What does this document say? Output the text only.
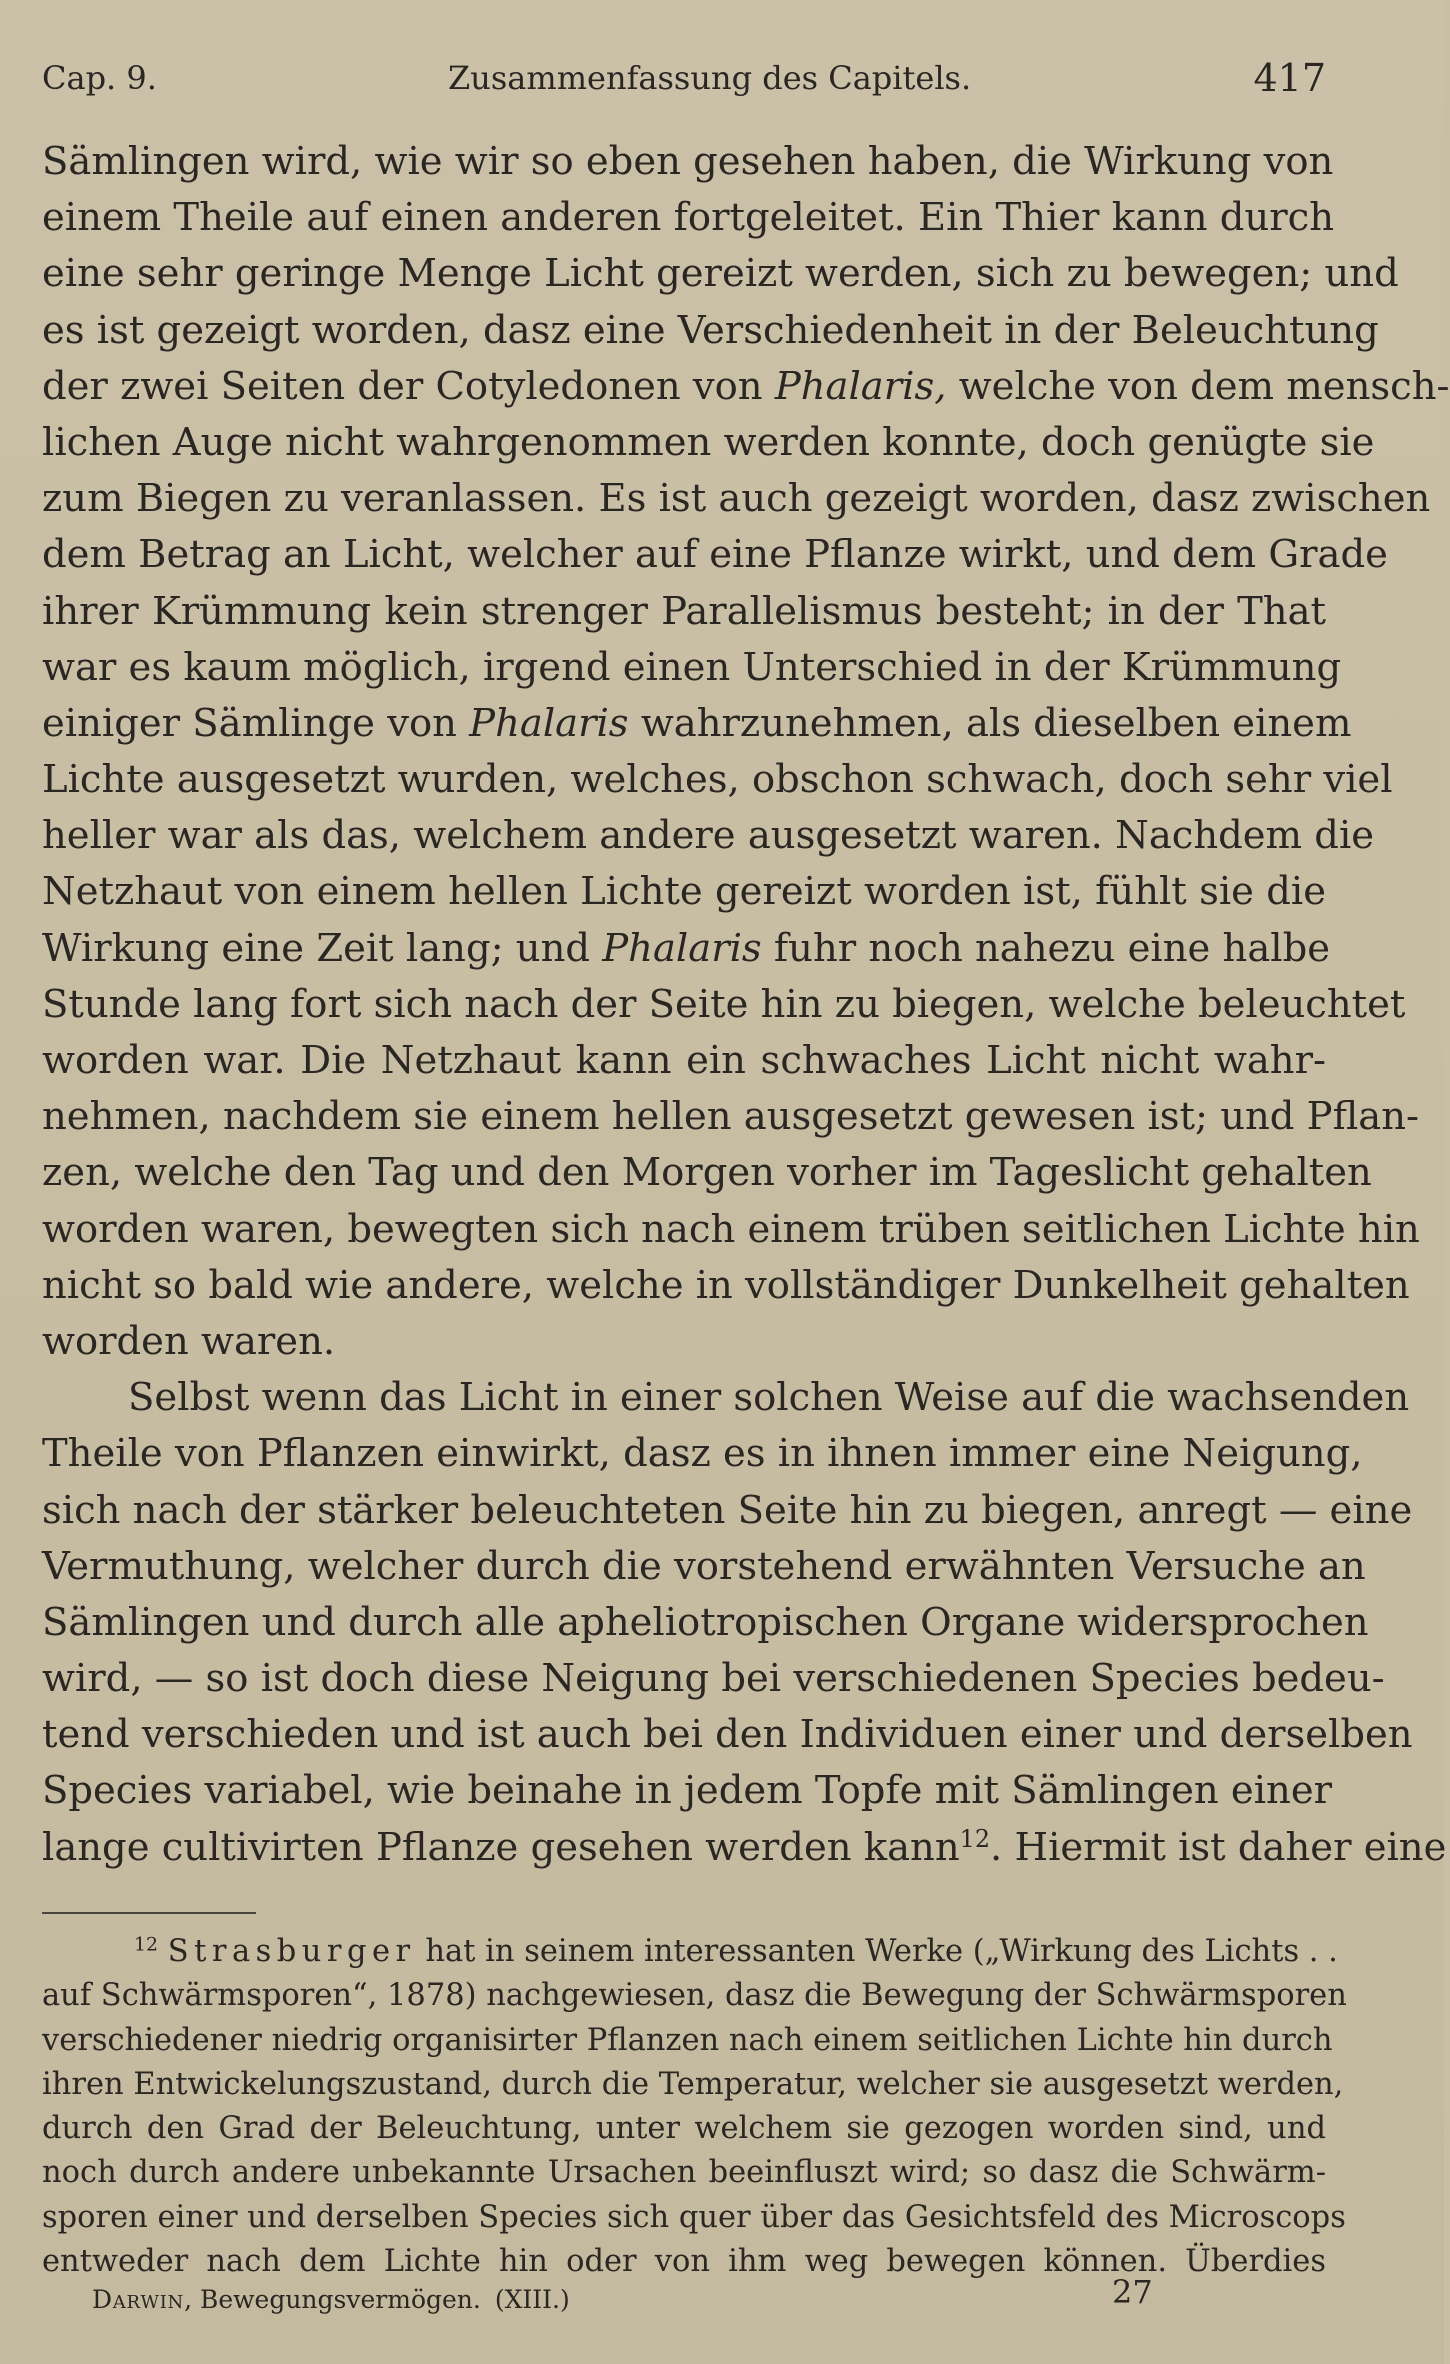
Cap. 9.	Zusammenfassung des Capitels.	417
Sämlingen wird, wie wir so eben gesehen haben, die Wirkung von
einem Theile auf einen anderen fortgeleitet. Ein Thier kann durch
eine sehr geringe Menge Licht gereizt werden, sich zu bewegen; und
es ist gezeigt worden, dasz eine Verschiedenheit in der Beleuchtung
der zwei Seiten der Cotyledonen von Phalaris, welche von dem mensch-
lichen Auge nicht wahrgenommen werden konnte, doch genügte sie
zum Biegen zu veranlassen. Es ist auch gezeigt worden, dasz zwischen
dem Betrag an Licht, welcher auf eine Pflanze wirkt, und dem Grade
ihrer Krümmung kein strenger Parallelismus besteht; in der That
war es kaum möglich, irgend einen Unterschied in der Krümmung
einiger Sämlinge von Phalaris wahrzunehmen, als dieselben einem
Lichte ausgesetzt wurden, welches, obschon schwach, doch sehr viel
heller war als das, welchem andere ausgesetzt waren. Nachdem die
Netzhaut von einem hellen Lichte gereizt worden ist, fühlt sie die
Wirkung eine Zeit lang; und Phalaris fuhr noch nahezu eine halbe
Stunde lang fort sich nach der Seite hin zu biegen, welche beleuchtet
worden war. Die Netzhaut kann ein schwaches Licht nicht wahr-
nehmen, nachdem sie einem hellen ausgesetzt gewesen ist; und Pflan-
zen, welche den Tag und den Morgen vorher im Tageslicht gehalten
worden waren, bewegten sich nach einem trüben seitlichen Lichte hin
nicht so bald wie andere, welche in vollständiger Dunkelheit gehalten
worden waren.
Selbst wenn das Licht in einer solchen Weise auf die wachsenden
Theile von Pflanzen einwirkt, dasz es in ihnen immer eine Neigung,
sich nach der stärker beleuchteten Seite hin zu biegen, anregt — eine
Vermuthung, welcher durch die vorstehend erwähnten Versuche an
Sämlingen und durch alle apheliotropischen Organe widersprochen
wird, — so ist doch diese Neigung bei verschiedenen Species bedeu-
tend verschieden und ist auch bei den Individuen einer und derselben
Species variabel, wie beinahe in jedem Topfe mit Sämlingen einer
lange cultivirten Pflanze gesehen werden kann$^{12}$. Hiermit ist daher eine
$^{12}$ Strasburger hat in seinem interessanten Werke („Wirkung des Lichts . .
auf Schwärmsporen“, 1878) nachgewiesen, dasz die Bewegung der Schwärmsporen
verschiedener niedrig organisirter Pflanzen nach einem seitlichen Lichte hin durch
ihren Entwickelungszustand, durch die Temperatur, welcher sie ausgesetzt werden,
durch den Grad der Beleuchtung, unter welchem sie gezogen worden sind, und
noch durch andere unbekannte Ursachen beeinfluszt wird; so dasz die Schwärm-
sporen einer und derselben Species sich quer über das Gesichtsfeld des Microscops
entweder nach dem Lichte hin oder von ihm weg bewegen können. Überdies
Darwin, Bewegungsvermögen. (XIII.)	27
